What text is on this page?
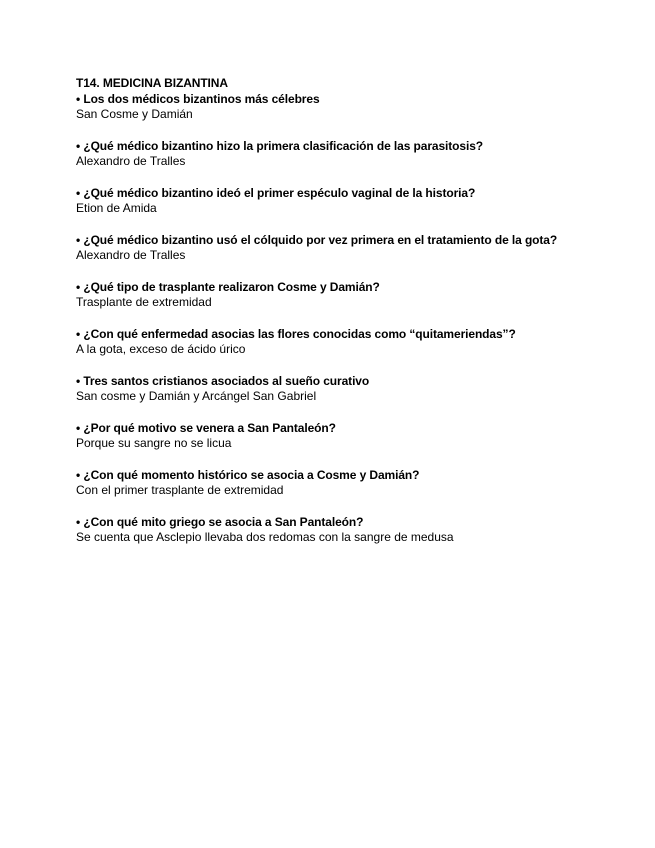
T14. MEDICINA BIZANTINA

• Los dos médicos bizantinos más célebres

San Cosme y Damián

• ¿Qué médico bizantino hizo la primera clasificación de las parasitosis?

Alexandro de Tralles

• ¿Qué médico bizantino ideó el primer espéculo vaginal de la historia?

Etion de Amida

• ¿Qué médico bizantino usó el cólquido por vez primera en el tratamiento de la gota?

Alexandro de Tralles

• ¿Qué tipo de trasplante realizaron Cosme y Damián?

Trasplante de extremidad

• ¿Con qué enfermedad asocias las flores conocidas como “quitameriendas”?

A la gota, exceso de ácido úrico

• Tres santos cristianos asociados al sueño curativo

San cosme y Damián y Arcángel San Gabriel

• ¿Por qué motivo se venera a San Pantaleón?

Porque su sangre no se licua

• ¿Con qué momento histórico se asocia a Cosme y Damián?

Con el primer trasplante de extremidad

• ¿Con qué mito griego se asocia a San Pantaleón?

Se cuenta que Asclepio llevaba dos redomas con la sangre de medusa
